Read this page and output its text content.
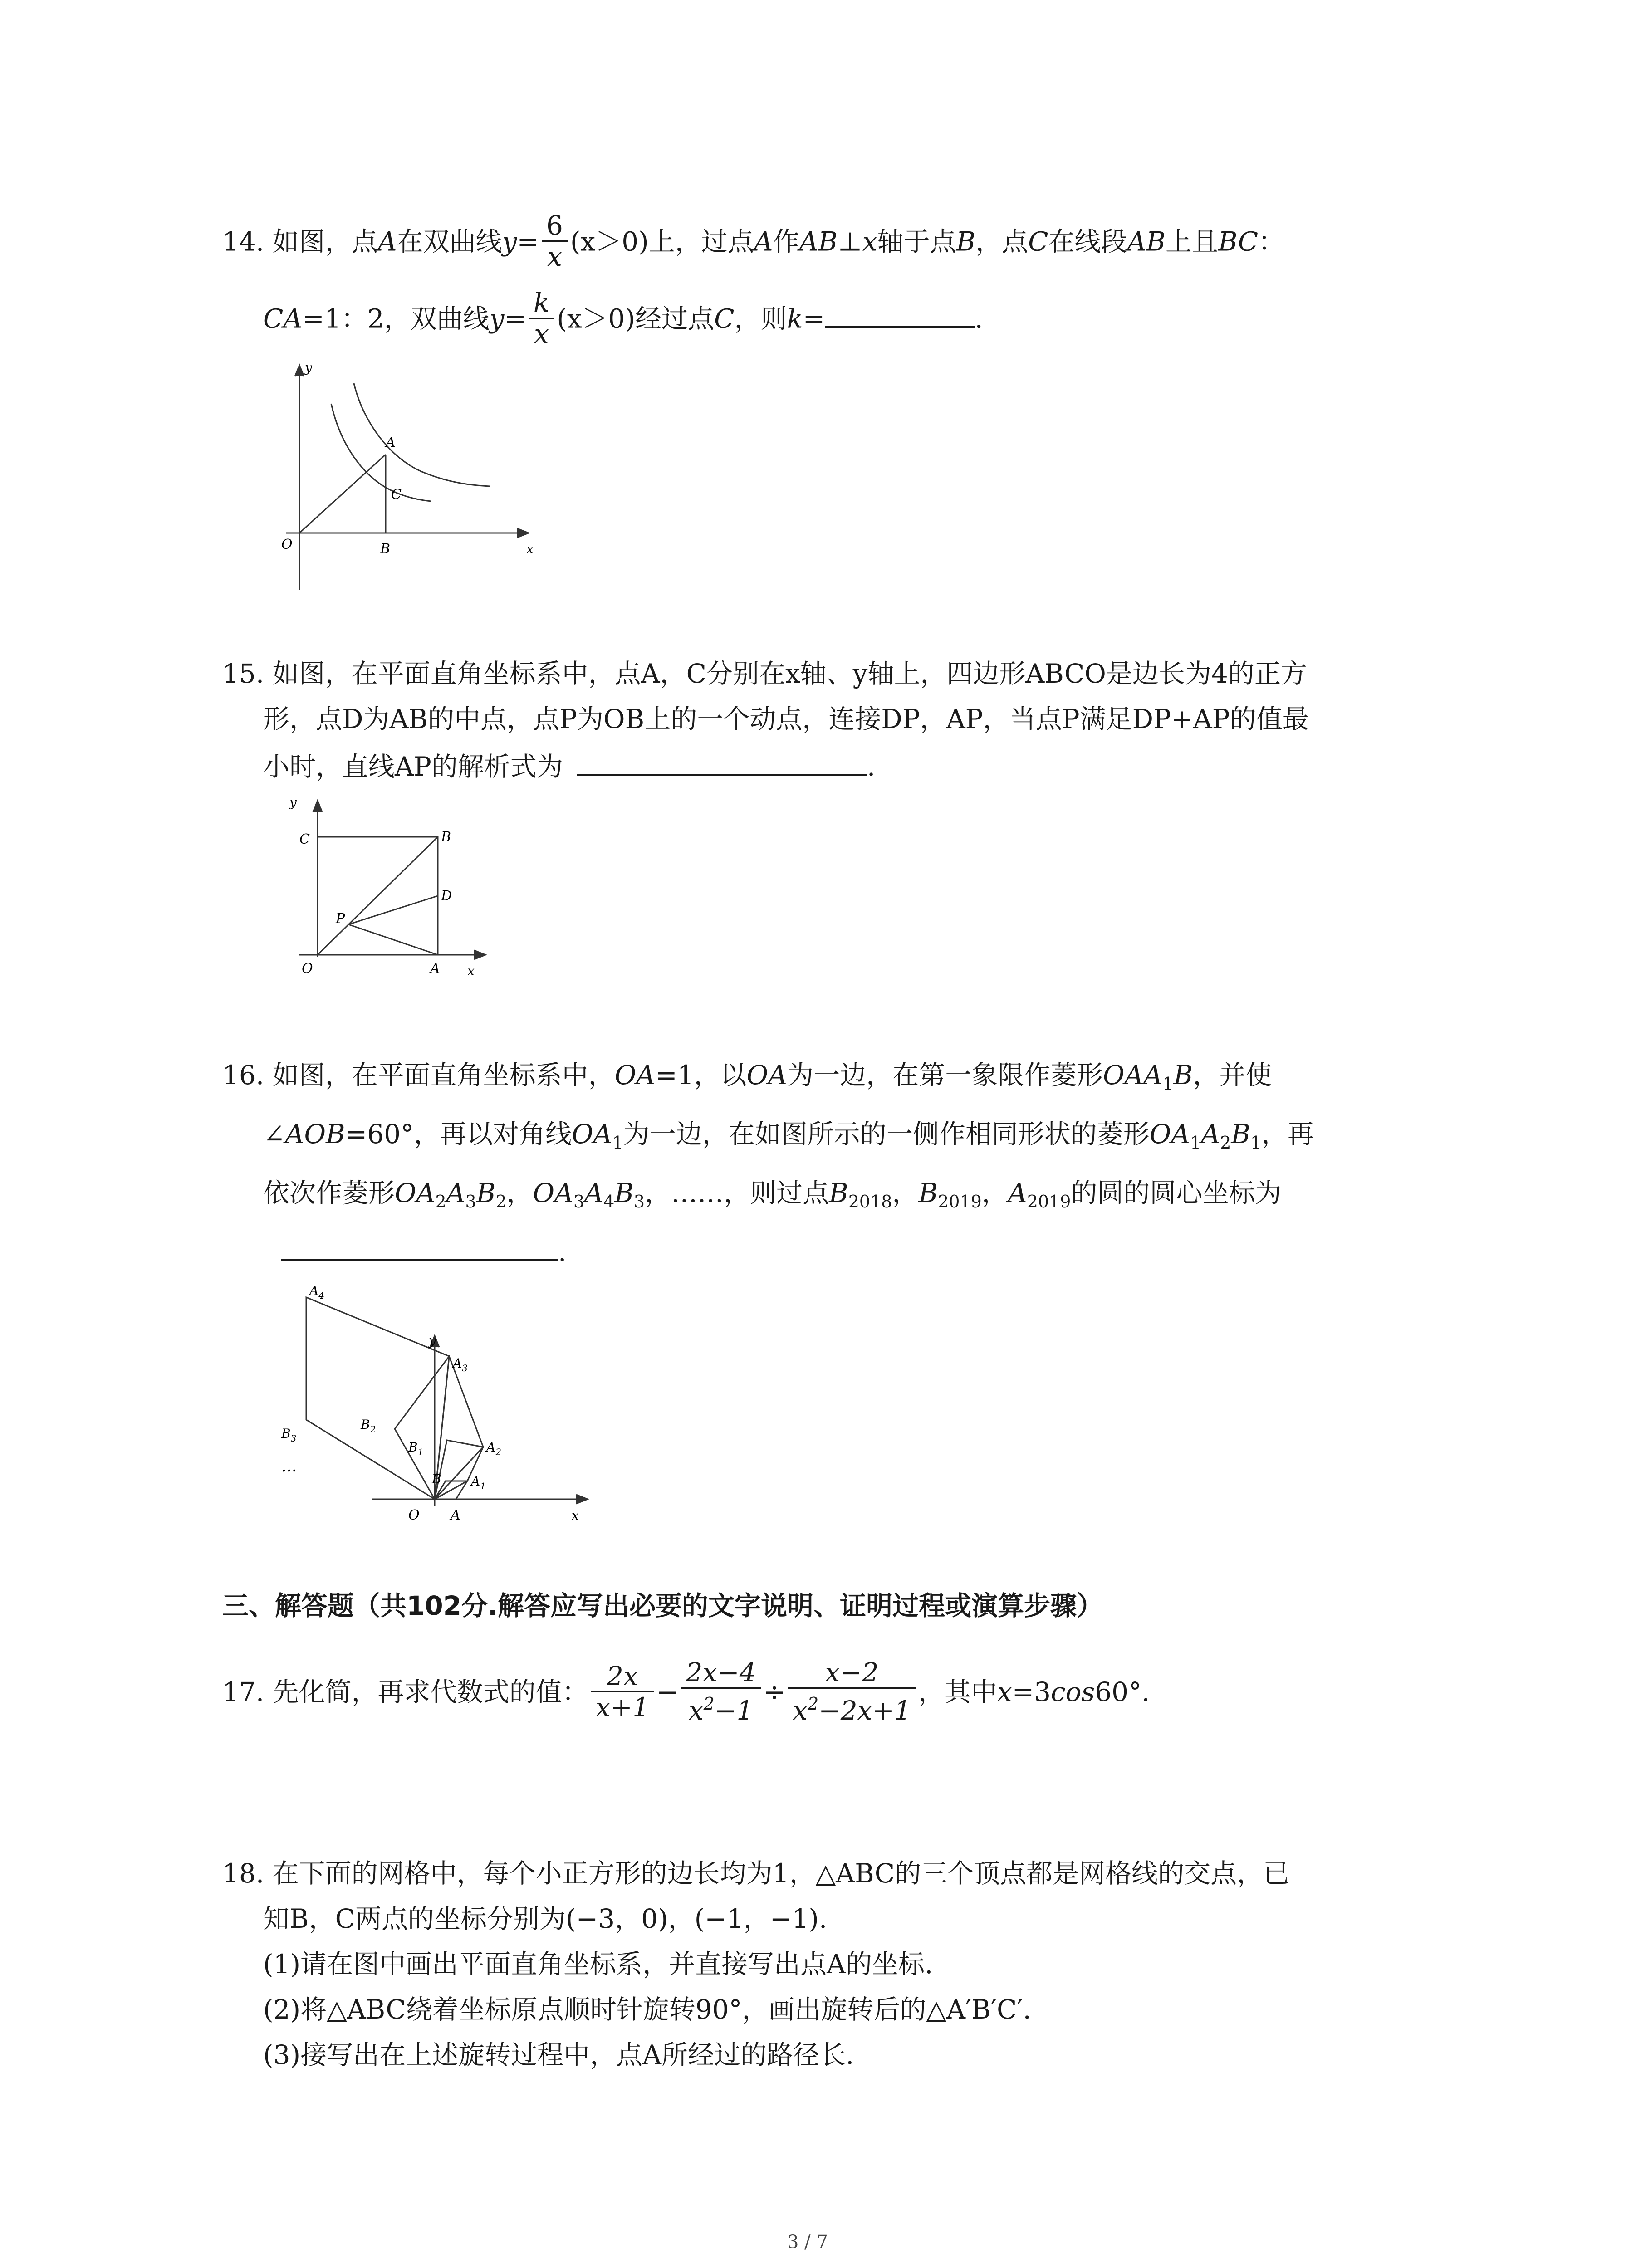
14. 如图，点A在双曲线$y= \frac{6}{x} (x>0)$上，过点A作AB⊥x轴于点B，点C在线段AB上且BC：
CA=1：2，双曲线$y= \frac{k}{x} (x>0)$经过点C，则k=	.
y
x
O
A
B
C
15. 如图，在平面直角坐标系中，点A，C分别在x轴、y轴上，四边形ABCO是边长为4的正方
形，点D为AB的中点，点P为OB上的一个动点，连接DP，AP，当点P满足DP+AP的值最
小时，直线AP的解析式为	.
y
x
C	B
D
P
O	A
16. 如图，在平面直角坐标系中，OA=1，以OA为一边，在第一象限作菱形$OAA_1B$，并使
∠AOB=60°，再以对角线$OA_1$为一边，在如图所示的一侧作相同形状的菱形$OA_1A_2B_1$，再
依次作菱形$OA_2A_3B_2$，$OA_3A_4B_3$，……，则过点$B_{2018}$，$B_{2019}$，$A_{2019}$的圆的圆心坐标为
.
y
x
O A
$A_1$
$A_2$
$A_3$
$A_4$
B
$B_1$
$B_2$
$B_3$
···
三、解答题（共102分.解答应写出必要的文字说明、证明过程或演算步骤）
17. 先化简，再求代数式的值： $\frac{2x}{x+1} - \frac{2x-4}{x^2-1} \div \frac{x-2}{x^2-2x+1}$ ，其中x=3cos60°.
18. 在下面的网格中，每个小正方形的边长均为1，△ABC的三个顶点都是网格线的交点，已
知B，C两点的坐标分别为(−3，0)，(−1，−1).
(1)请在图中画出平面直角坐标系，并直接写出点A的坐标.
(2)将△ABC绕着坐标原点顺时针旋转90°，画出旋转后的△A′B′C′.
(3)接写出在上述旋转过程中，点A所经过的路径长.
3 / 7
